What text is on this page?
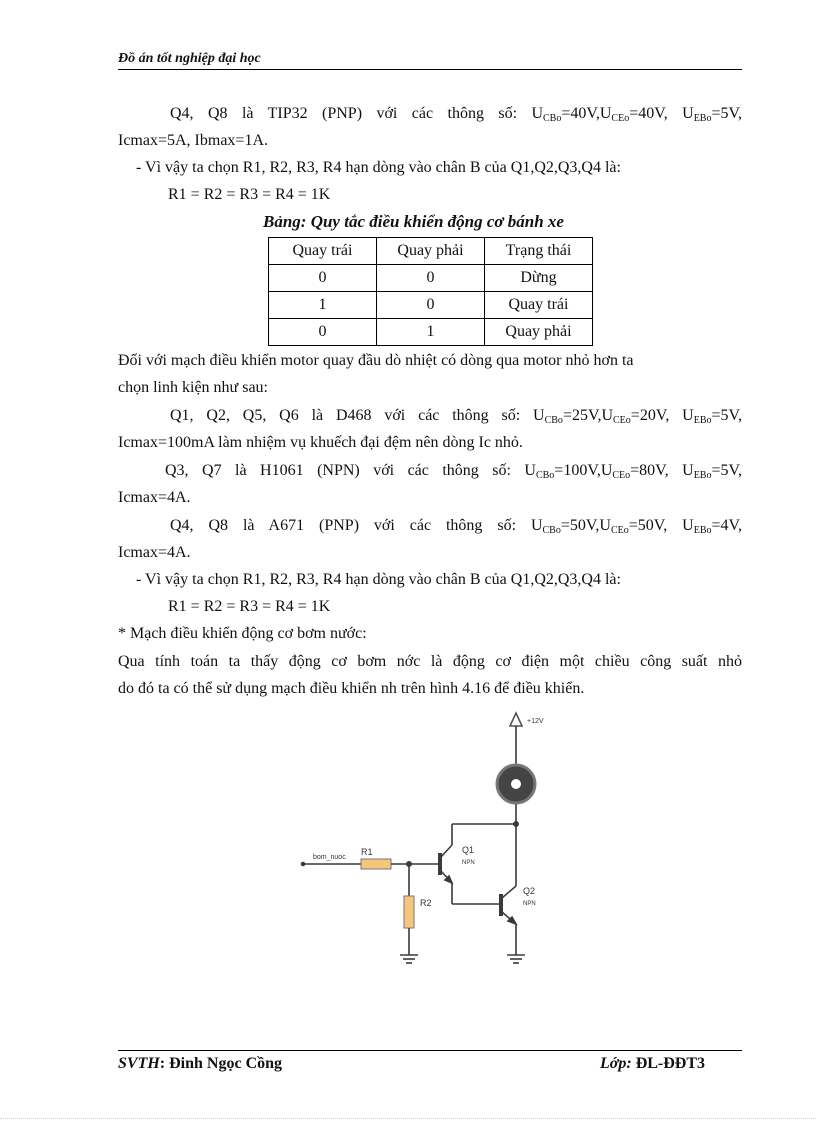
Đồ án tốt nghiệp đại học
Q4, Q8 là TIP32 (PNP) với các thông số: $U_{CBo}=40V,U_{CEo}=40V$, $U_{EBo}=5V$,
Icmax=5A, Ibmax=1A.
- Vì vậy ta chọn R1, R2, R3, R4 hạn dòng vào chân B của Q1,Q2,Q3,Q4 là:
R1 = R2 = R3 = R4 = 1K
Bảng: Quy tắc điều khiển động cơ bánh xe
Quay trái	Quay phải	Trạng thái
0	0	Dừng
1	0	Quay trái
0	1	Quay phải
Đối với mạch điều khiển motor quay đầu dò nhiệt có dòng qua motor nhỏ hơn ta
chọn linh kiện như sau:
Q1, Q2, Q5, Q6 là D468 với các thông số: $U_{CBo}=25V,U_{CEo}=20V$, $U_{EBo}=5V$,
Icmax=100mA làm nhiệm vụ khuếch đại đệm nên dòng Ic nhỏ.
Q3, Q7 là H1061 (NPN) với các thông số: $U_{CBo}=100V,U_{CEo}=80V$, $U_{EBo}=5V$,
Icmax=4A.
Q4, Q8 là A671 (PNP) với các thông số: $U_{CBo}=50V,U_{CEo}=50V$, $U_{EBo}=4V$,
Icmax=4A.
- Vì vậy ta chọn R1, R2, R3, R4 hạn dòng vào chân B của Q1,Q2,Q3,Q4 là:
R1 = R2 = R3 = R4 = 1K
* Mạch điều khiển động cơ bơm nước:
Qua tính toán ta thấy động cơ bơm nớc là động cơ điện một chiều công suất nhỏ
do đó ta có thể sử dụng mạch điều khiển nh trên hình 4.16 để điều khiển.
+12V
bom_nuoc
R1
R2
Q1
NPN
Q2
NPN
SVTH: Đinh Ngọc Cồng	Lớp: ĐL-ĐĐT3
